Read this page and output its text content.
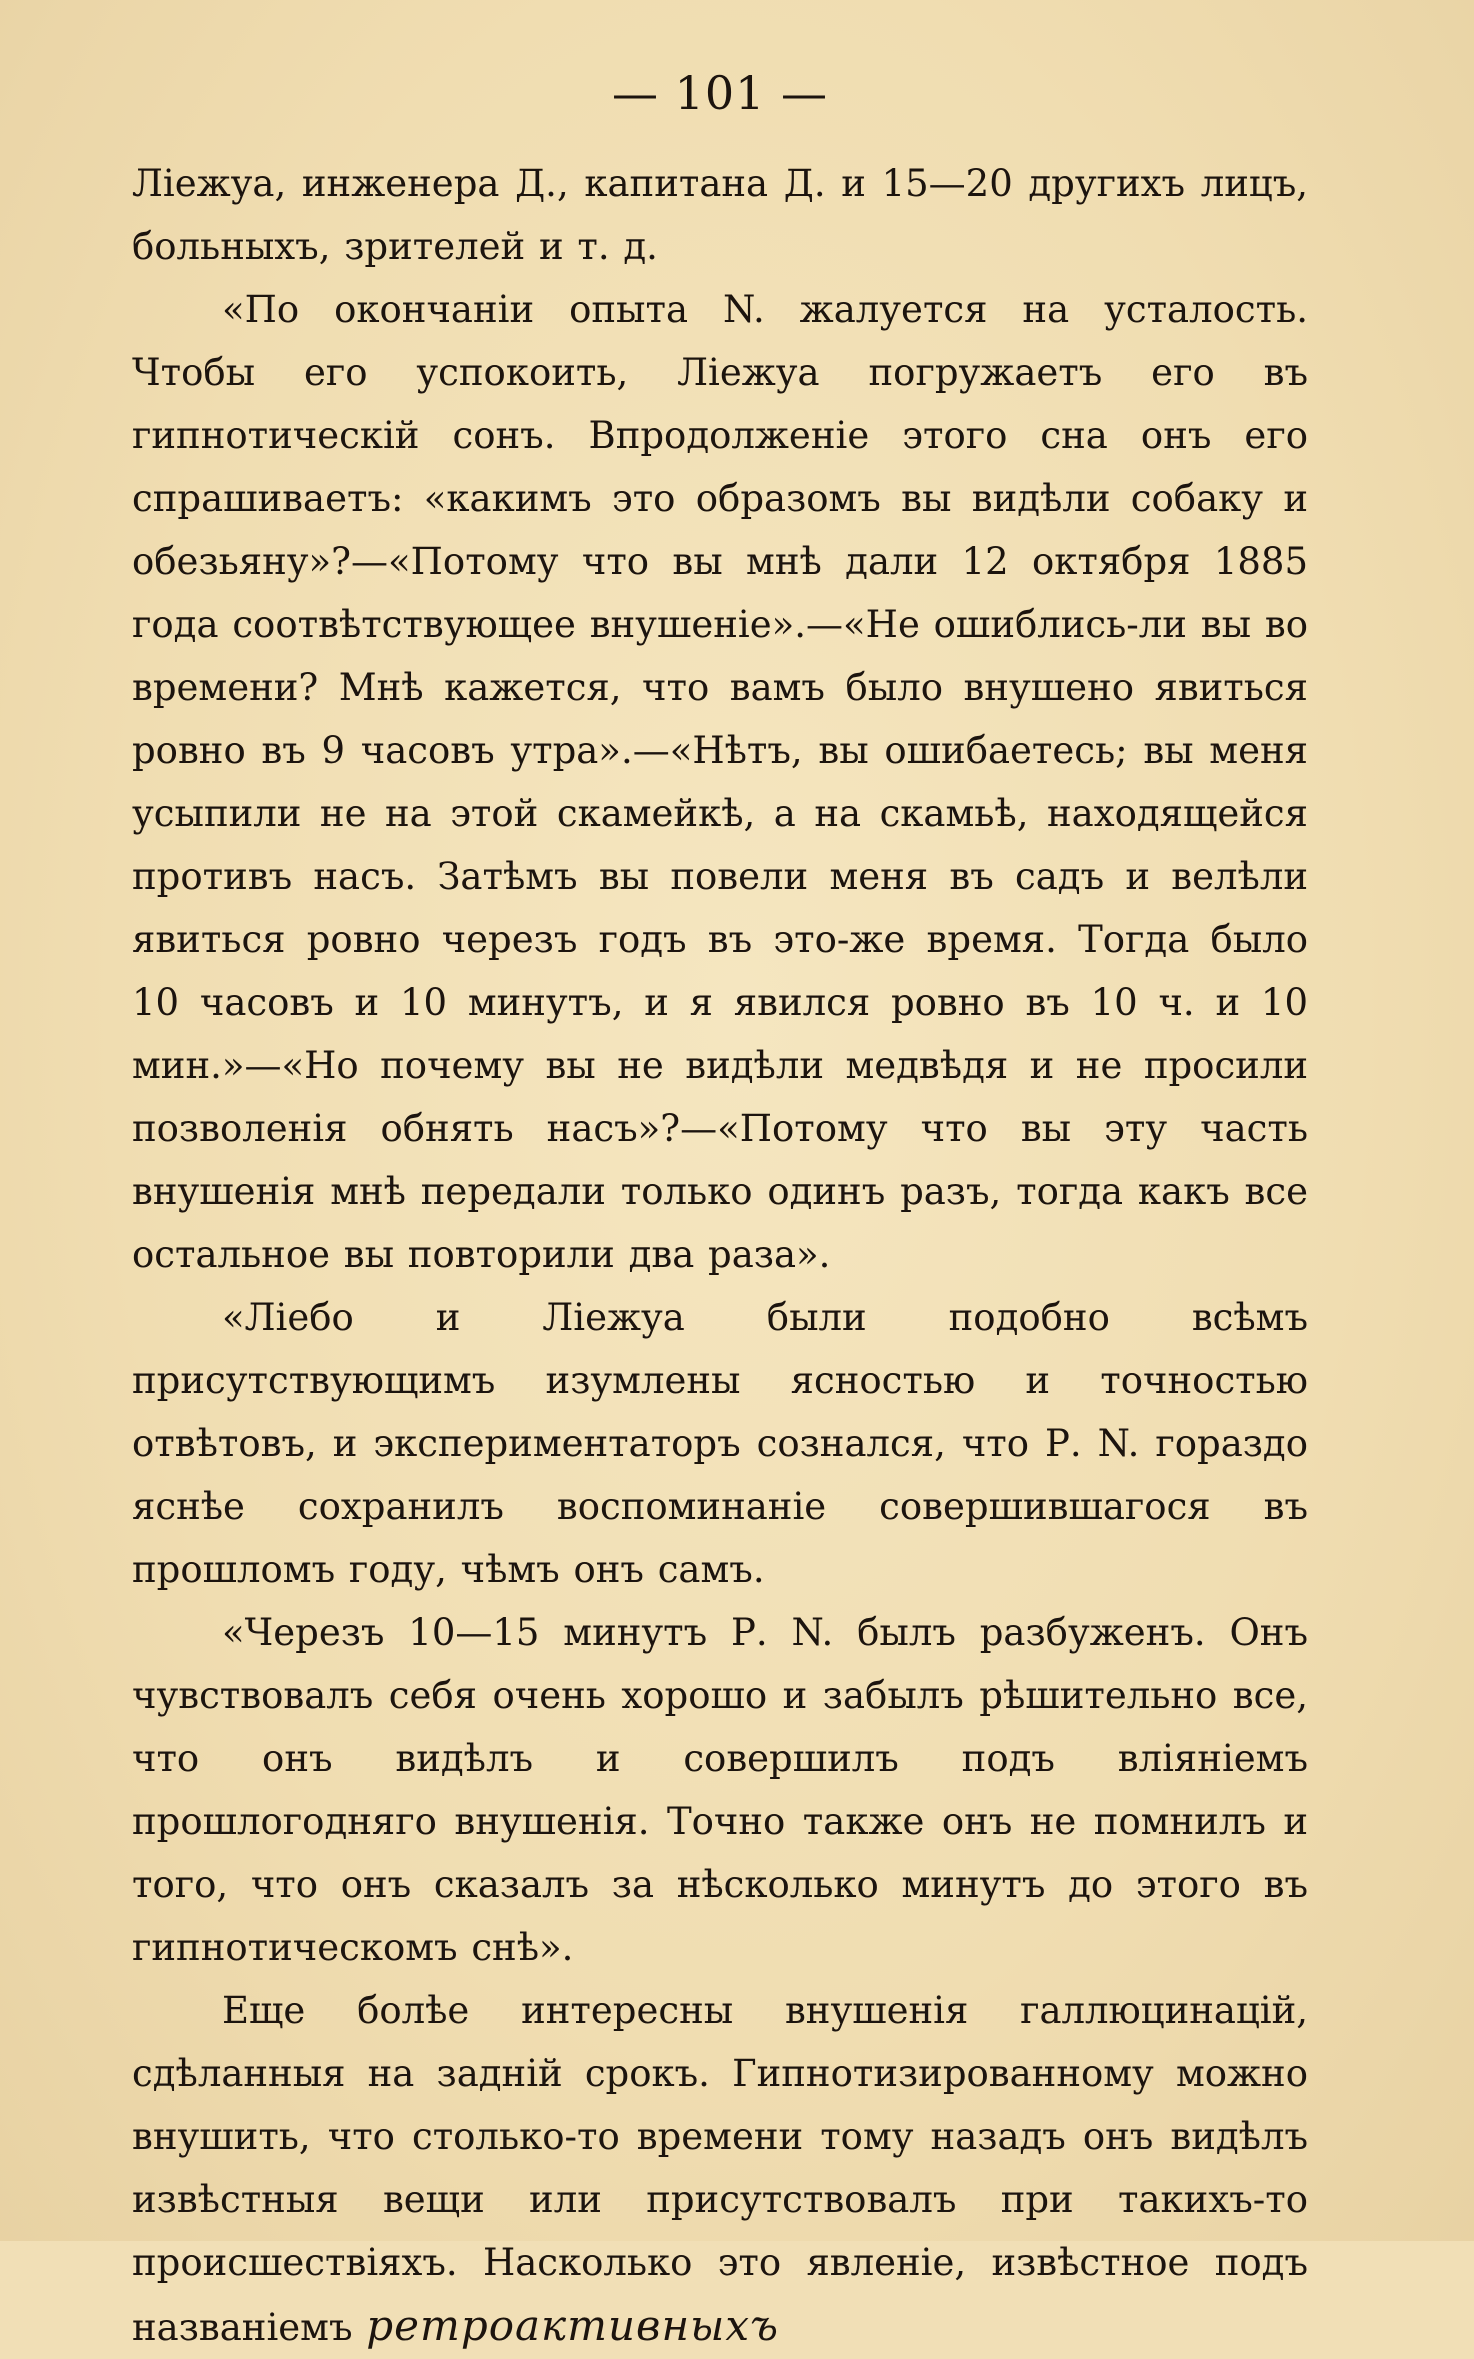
— 101 —

Ліежуа, инженера Д., капитана Д. и 15—20 другихъ лицъ, больныхъ, зрителей и т. д.

«По окончаніи опыта N. жалуется на усталость. Чтобы его успокоить, Ліежуа погружаетъ его въ гипнотическій сонъ. Впродолженіе этого сна онъ его спрашиваетъ: «какимъ это образомъ вы видѣли собаку и обезьяну»?—«Потому что вы мнѣ дали 12 октября 1885 года соотвѣтствующее внушеніе».—«Не ошиблись-ли вы во времени? Мнѣ кажется, что вамъ было внушено явиться ровно въ 9 часовъ утра».—«Нѣтъ, вы ошибаетесь; вы меня усыпили не на этой скамейкѣ, а на скамьѣ, находящейся противъ насъ. Затѣмъ вы повели меня въ садъ и велѣли явиться ровно черезъ годъ въ это-же время. Тогда было 10 часовъ и 10 минутъ, и я явился ровно въ 10 ч. и 10 мин.»—«Но почему вы не видѣли медвѣдя и не просили позволенія обнять насъ»?—«Потому что вы эту часть внушенія мнѣ передали только одинъ разъ, тогда какъ все остальное вы повторили два раза».

«Ліебо и Ліежуа были подобно всѣмъ присутствующимъ изумлены ясностью и точностью отвѣтовъ, и экспериментаторъ сознался, что Р. N. гораздо яснѣе сохранилъ воспоминаніе совершившагося въ прошломъ году, чѣмъ онъ самъ.

«Черезъ 10—15 минутъ Р. N. былъ разбуженъ. Онъ чувствовалъ себя очень хорошо и забылъ рѣшительно все, что онъ видѣлъ и совершилъ подъ вліяніемъ прошлогодняго внушенія. Точно также онъ не помнилъ и того, что онъ сказалъ за нѣсколько минутъ до этого въ гипнотическомъ снѣ».

Еще болѣе интересны внушенія галлюцинацій, сдѣланныя на задній срокъ. Гипнотизированному можно внушить, что столько-то времени тому назадъ онъ видѣлъ извѣстныя вещи или присутствовалъ при такихъ-то происшествіяхъ. Насколько это явленіе, извѣстное подъ названіемъ ретроактивныхъ
